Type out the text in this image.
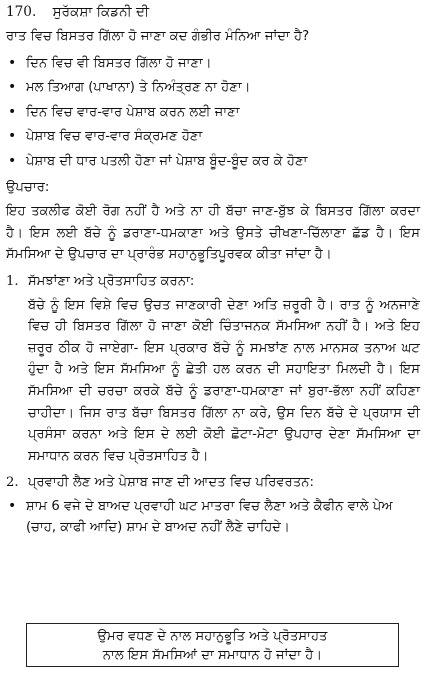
170. ਸੁਰੱਕਸ਼ਾ ਕਿਡਨੀ ਦੀ

ਰਾਤ ਵਿਚ ਬਿਸਤਰ ਗਿੱਲਾ ਹੋ ਜਾਣਾ ਕਦ ਗੰਭੀਰ ਮੰਨਿਆ ਜਾਂਦਾ ਹੈ?

• ਦਿਨ ਵਿਚ ਵੀ ਬਿਸਤਰ ਗਿੱਲਾ ਹੋ ਜਾਣਾ।
• ਮਲ ਤਿਆਗ (ਪਾਖਾਨਾ) ਤੇ ਨਿਅੰਤ੍ਰਣ ਨਾ ਹੋਣਾ।
• ਦਿਨ ਵਿਚ ਵਾਰ-ਵਾਰ ਪੇਸ਼ਾਬ ਕਰਨ ਲਈ ਜਾਣਾ
• ਪੇਸ਼ਾਬ ਵਿਚ ਵਾਰ-ਵਾਰ ਸੰਕ੍ਰਮਣ ਹੋਣਾ
• ਪੇਸ਼ਾਬ ਦੀ ਧਾਰ ਪਤਲੀ ਹੋਣਾ ਜਾਂ ਪੇਸ਼ਾਬ ਬੂੰਦ-ਬੂੰਦ ਕਰ ਕੇ ਹੋਣਾ
ਉਪਚਾਰ:

ਇਹ ਤਕਲੀਫ ਕੋਈ ਰੋਗ ਨਹੀਂ ਹੈ ਅਤੇ ਨਾ ਹੀ ਬੱਚਾ ਜਾਣ-ਬੁੱਝ ਕੇ ਬਿਸਤਰ ਗਿੱਲਾ ਕਰਦਾ ਹੈ। ਇਸ ਲਈ ਬੱਚੇ ਨੂੰ ਡਰਾਣਾ-ਧਮਕਾਣਾ ਅਤੇ ਉਸਤੇ ਚੀਖਣਾ-ਚਿੱਲਾਣਾ ਛੱਡ ਹੈ। ਇਸ ਸੱਮਸਿਆ ਦੇ ਉਪਚਾਰ ਦਾ ਪ੍ਰਾਰੰਭ ਸਹਾਨੁਭੂਤਿਪੂਰਵਕ ਕੀਤਾ ਜਾਂਦਾ ਹੈ।

1. ਸੱਮਝਾਂਣਾ ਅਤੇ ਪ੍ਰੋਤਸਾਹਿਤ ਕਰਨਾ:

ਬੱਚੇ ਨੂੰ ਇਸ ਵਿਸ਼ੇ ਵਿਚ ਉਚਤ ਜਾਣਕਾਰੀ ਦੇਣਾ ਅਤਿ ਜ਼ਰੂਰੀ ਹੈ। ਰਾਤ ਨੂੰ ਅਨਜਾਣੇ ਵਿਚ ਹੀ ਬਿਸਤਰ ਗਿੱਲਾ ਹੋ ਜਾਣਾ ਕੋਈ ਚਿੰਤਾਜਨਕ ਸੱਮਸਿਆ ਨਹੀਂ ਹੈ। ਅਤੇ ਇਹ ਜ਼ਰੂਰ ਠੀਕ ਹੋ ਜਾਏਗਾ- ਇਸ ਪ੍ਰਕਾਰ ਬੱਚੇ ਨੂੰ ਸਮਝਾਂਣ ਨਾਲ ਮਾਨਸਕ ਤਨਾਅ ਘਟ ਹੁੰਦਾ ਹੈ ਅਤੇ ਇਸ ਸੱਮਸਿਆ ਨੂੰ ਛੇਤੀ ਹਲ ਕਰਨ ਦੀ ਸਹਾਇਤਾ ਮਿਲਦੀ ਹੈ। ਇਸ ਸੱਮਸਿਆ ਦੀ ਚਰਚਾ ਕਰਕੇ ਬੱਚੇ ਨੂੰ ਡਰਾਣਾ-ਧਮਕਾਣਾ ਜਾਂ ਬੁਰਾ-ਭੱਲਾ ਨਹੀਂ ਕਹਿਣਾ ਚਾਹੀਦਾ। ਜਿਸ ਰਾਤ ਬੱਚਾ ਬਿਸਤਰ ਗਿੱਲਾ ਨਾ ਕਰੇ, ਉਸ ਦਿਨ ਬੱਚੇ ਦੇ ਪ੍ਰਯਾਸ ਦੀ ਪ੍ਰਸੰਸਾ ਕਰਨਾ ਅਤੇ ਇਸ ਦੇ ਲਈ ਕੋਈ ਛੋਟਾ-ਮੋਟਾ ਉਪਹਾਰ ਦੇਣਾ ਸੱਮਸਿਆ ਦਾ ਸਮਾਧਾਨ ਕਰਨ ਵਿਚ ਪ੍ਰੋਤਸਾਹਿਤ ਹੈ।

2. ਪ੍ਰਵਾਹੀ ਲੈਣ ਅਤੇ ਪੇਸ਼ਾਬ ਜਾਣ ਦੀ ਆਦਤ ਵਿਚ ਪਰਿਵਰਤਨ:
• ਸ਼ਾਮ 6 ਵਜੇ ਦੇ ਬਾਅਦ ਪ੍ਰਵਾਹੀ ਘਟ ਮਾਤਰਾ ਵਿਚ ਲੈਣਾ ਅਤੇ ਕੈਫੀਨ ਵਾਲੇ ਪੇਅ (ਚਾਹ, ਕਾਫੀ ਆਦਿ) ਸ਼ਾਮ ਦੇ ਬਾਅਦ ਨਹੀਂ ਲੈਣੇ ਚਾਹਿਦੇ।
ਉਮਰ ਵਧਣ ਦੇ ਨਾਲ ਸਹਾਨੁਭੂਤਿ ਅਤੇ ਪ੍ਰੋਤਸਾਹਤ
ਨਾਲ ਇਸ ਸੱਮਸਿਆਂ ਦਾ ਸਮਾਧਾਨ ਹੋ ਜਾਂਦਾ ਹੈ।
